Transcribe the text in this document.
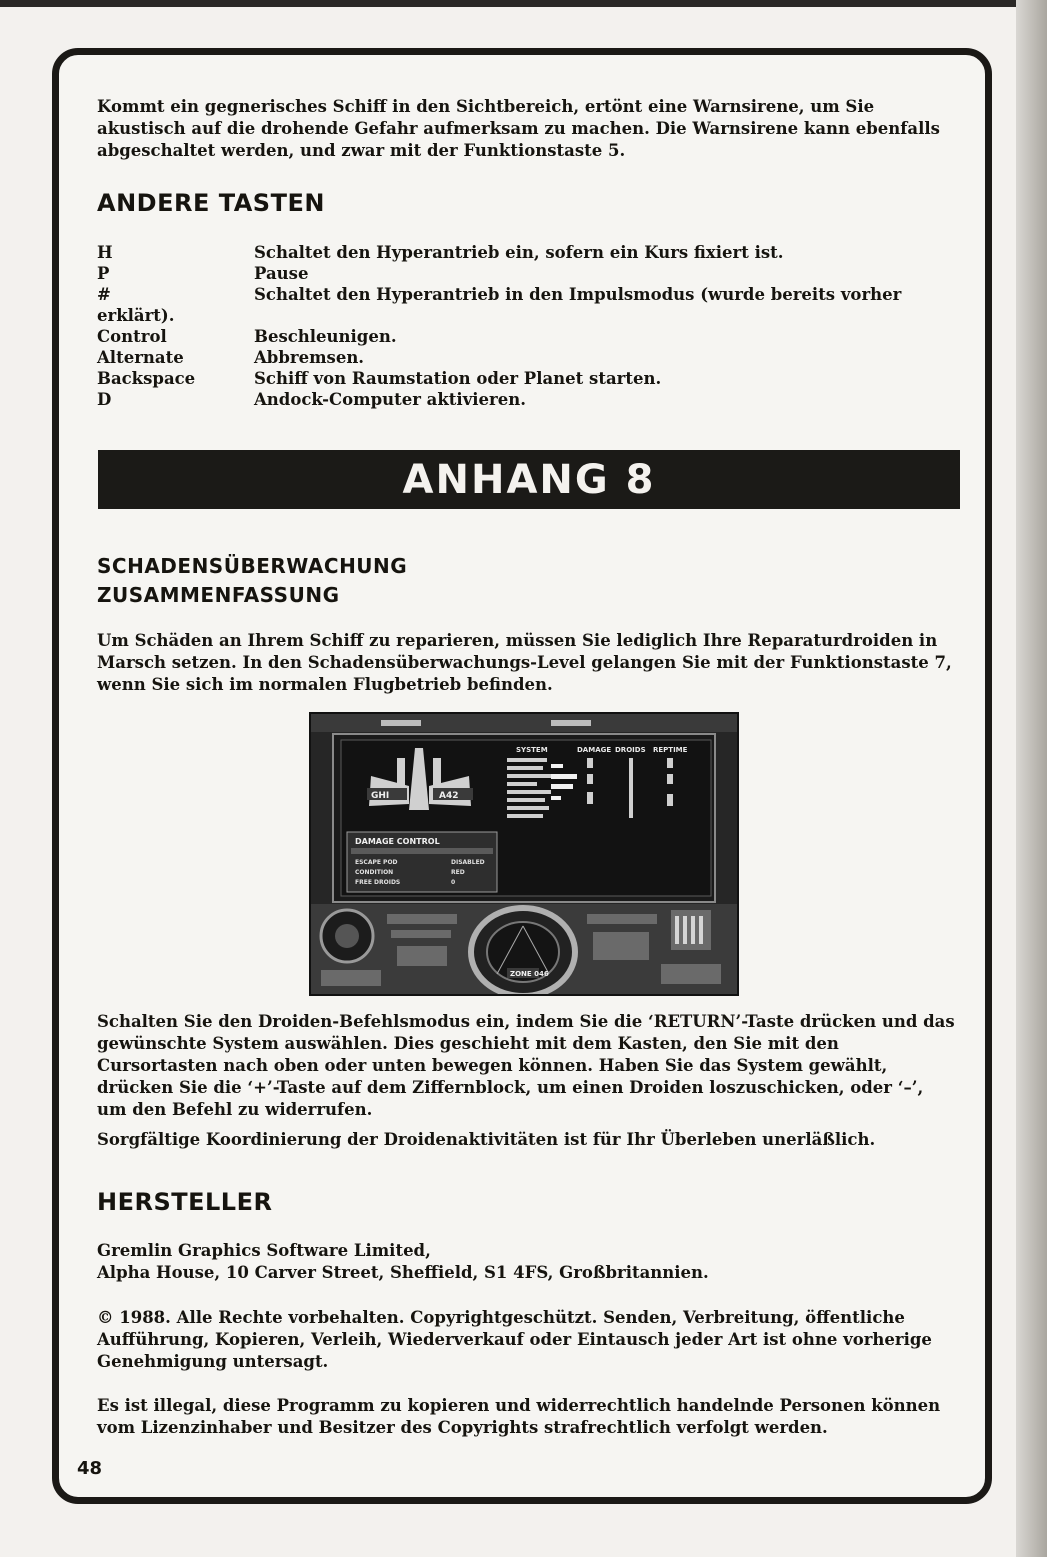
Kommt ein gegnerisches Schiff in den Sichtbereich, ertönt eine Warnsirene, um Sie akustisch auf die drohende Gefahr aufmerksam zu machen. Die Warnsirene kann ebenfalls abgeschaltet werden, und zwar mit der Funktionstaste 5.
ANDERE TASTEN
H	Schaltet den Hyperantrieb ein, sofern ein Kurs fixiert ist.
P	Pause
#	Schaltet den Hyperantrieb in den Impulsmodus (wurde bereits vorher
erklärt).
Control	Beschleunigen.
Alternate	Abbremsen.
Backspace	Schiff von Raumstation oder Planet starten.
D	Andock-Computer aktivieren.
ANHANG 8
SCHADENSÜBERWACHUNG
ZUSAMMENFASSUNG
Um Schäden an Ihrem Schiff zu reparieren, müssen Sie lediglich Ihre Reparaturdroiden in Marsch setzen. In den Schadensüberwachungs-Level gelangen Sie mit der Funktionstaste 7, wenn Sie sich im normalen Flugbetrieb befinden.
GHI	A42
SYSTEM	DAMAGE DROIDS REPTIME
DAMAGE CONTROL
ESCAPE POD	DISABLED
CONDITION	RED
FREE DROIDS	0
ZONE 046
Schalten Sie den Droiden-Befehlsmodus ein, indem Sie die ‘RETURN’-Taste drücken und das gewünschte System auswählen. Dies geschieht mit dem Kasten, den Sie mit den Cursortasten nach oben oder unten bewegen können. Haben Sie das System gewählt, drücken Sie die ‘+’-Taste auf dem Ziffernblock, um einen Droiden loszuschicken, oder ‘–’, um den Befehl zu widerrufen.
Sorgfältige Koordinierung der Droidenaktivitäten ist für Ihr Überleben unerläßlich.
HERSTELLER
Gremlin Graphics Software Limited,
Alpha House, 10 Carver Street, Sheffield, S1 4FS, Großbritannien.
© 1988. Alle Rechte vorbehalten. Copyrightgeschützt. Senden, Verbreitung, öffentliche Aufführung, Kopieren, Verleih, Wiederverkauf oder Eintausch jeder Art ist ohne vorherige Genehmigung untersagt.
Es ist illegal, diese Programm zu kopieren und widerrechtlich handelnde Personen können vom Lizenzinhaber und Besitzer des Copyrights strafrechtlich verfolgt werden.
48
